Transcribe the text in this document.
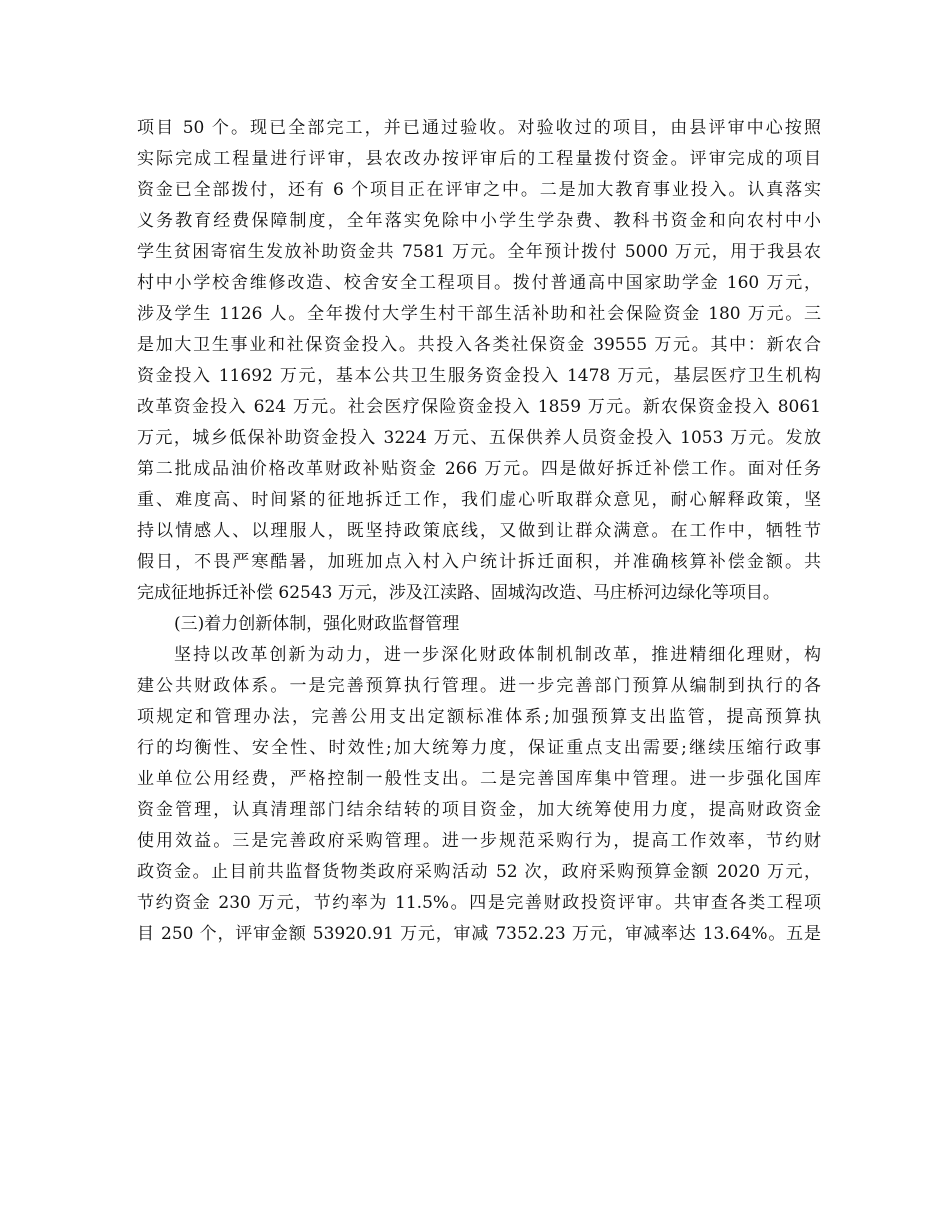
项目 50 个。现已全部完工，并已通过验收。对验收过的项目，由县评审中心按照
实际完成工程量进行评审，县农改办按评审后的工程量拨付资金。评审完成的项目
资金已全部拨付，还有 6 个项目正在评审之中。二是加大教育事业投入。认真落实
义务教育经费保障制度，全年落实免除中小学生学杂费、教科书资金和向农村中小
学生贫困寄宿生发放补助资金共 7581 万元。全年预计拨付 5000 万元，用于我县农
村中小学校舍维修改造、校舍安全工程项目。拨付普通高中国家助学金 160 万元，
涉及学生 1126 人。全年拨付大学生村干部生活补助和社会保险资金 180 万元。三
是加大卫生事业和社保资金投入。共投入各类社保资金 39555 万元。其中：新农合
资金投入 11692 万元，基本公共卫生服务资金投入 1478 万元，基层医疗卫生机构
改革资金投入 624 万元。社会医疗保险资金投入 1859 万元。新农保资金投入 8061
万元，城乡低保补助资金投入 3224 万元、五保供养人员资金投入 1053 万元。发放
第二批成品油价格改革财政补贴资金 266 万元。四是做好拆迁补偿工作。面对任务
重、难度高、时间紧的征地拆迁工作，我们虚心听取群众意见，耐心解释政策，坚
持以情感人、以理服人，既坚持政策底线，又做到让群众满意。在工作中，牺牲节
假日，不畏严寒酷暑，加班加点入村入户统计拆迁面积，并准确核算补偿金额。共
完成征地拆迁补偿 62543 万元，涉及江渎路、固城沟改造、马庄桥河边绿化等项目。
(三)着力创新体制，强化财政监督管理
坚持以改革创新为动力，进一步深化财政体制机制改革，推进精细化理财，构
建公共财政体系。一是完善预算执行管理。进一步完善部门预算从编制到执行的各
项规定和管理办法，完善公用支出定额标准体系;加强预算支出监管，提高预算执
行的均衡性、安全性、时效性;加大统筹力度，保证重点支出需要;继续压缩行政事
业单位公用经费，严格控制一般性支出。二是完善国库集中管理。进一步强化国库
资金管理，认真清理部门结余结转的项目资金，加大统筹使用力度，提高财政资金
使用效益。三是完善政府采购管理。进一步规范采购行为，提高工作效率，节约财
政资金。止目前共监督货物类政府采购活动 52 次，政府采购预算金额 2020 万元，
节约资金 230 万元，节约率为 11.5%。四是完善财政投资评审。共审查各类工程项
目 250 个，评审金额 53920.91 万元，审减 7352.23 万元，审减率达 13.64%。五是
